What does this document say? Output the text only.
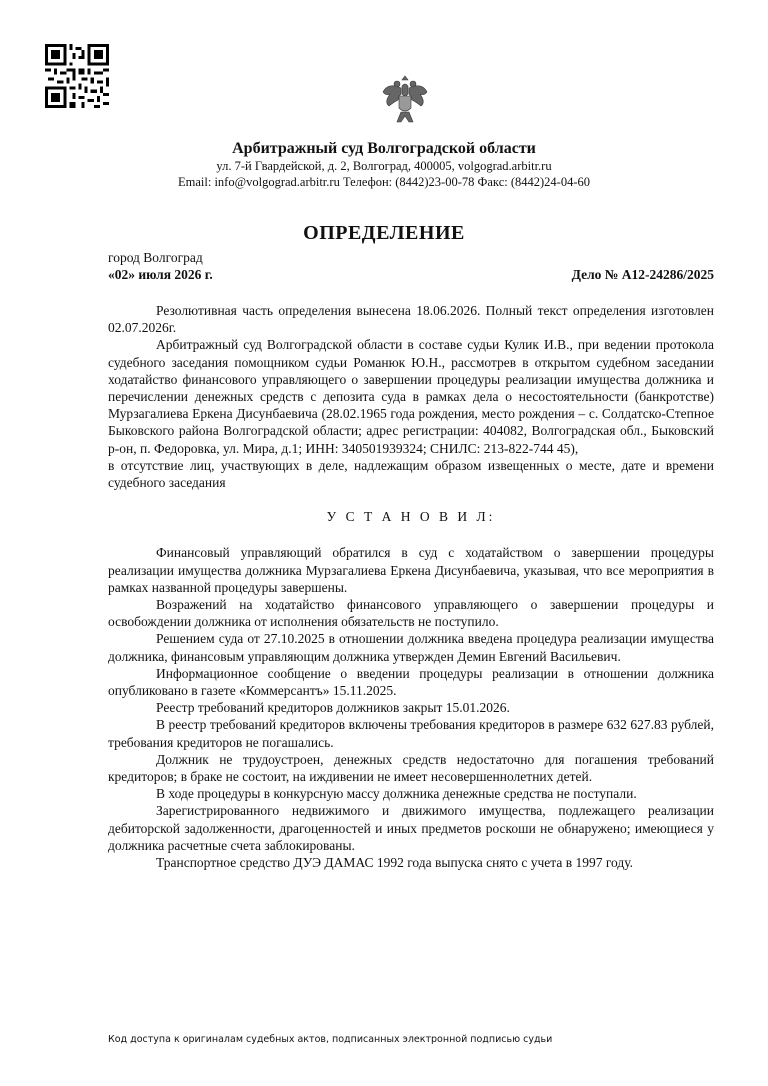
Арбитражный суд Волгоградской области
ул. 7-й Гвардейской, д. 2, Волгоград, 400005, volgograd.arbitr.ru
Email: info@volgograd.arbitr.ru Телефон: (8442)23-00-78 Факс: (8442)24-04-60
ОПРЕДЕЛЕНИЕ
город Волгоград
«02» июля 2026 г.	Дело № А12-24286/2025

Резолютивная часть определения вынесена 18.06.2026. Полный текст определения изготовлен 02.07.2026г.

Арбитражный суд Волгоградской области в составе судьи Кулик И.В., при ведении протокола судебного заседания помощником судьи Романюк Ю.Н., рассмотрев в открытом судебном заседании ходатайство финансового управляющего о завершении процедуры реализации имущества должника и перечислении денежных средств с депозита суда в рамках дела о несостоятельности (банкротстве) Мурзагалиева Еркена Дисунбаевича (28.02.1965 года рождения, место рождения – с. Солдатско-Степное Быковского района Волгоградской области; адрес регистрации: 404082, Волгоградская обл., Быковский р-он, п. Федоровка, ул. Мира, д.1; ИНН: 340501939324; СНИЛС: 213-822-744 45),

в отсутствие лиц, участвующих в деле, надлежащим образом извещенных о месте, дате и времени судебного заседания

У С Т А Н О В И Л:

Финансовый управляющий обратился в суд с ходатайством о завершении процедуры реализации имущества должника Мурзагалиева Еркена Дисунбаевича, указывая, что все мероприятия в рамках названной процедуры завершены.

Возражений на ходатайство финансового управляющего о завершении процедуры и освобождении должника от исполнения обязательств не поступило.

Решением суда от 27.10.2025 в отношении должника введена процедура реализации имущества должника, финансовым управляющим должника утвержден Демин Евгений Васильевич.

Информационное сообщение о введении процедуры реализации в отношении должника опубликовано в газете «Коммерсантъ» 15.11.2025.

Реестр требований кредиторов должников закрыт 15.01.2026.

В реестр требований кредиторов включены требования кредиторов в размере 632 627.83 рублей, требования кредиторов не погашались.

Должник не трудоустроен, денежных средств недостаточно для погашения требований кредиторов; в браке не состоит, на иждивении не имеет несовершеннолетних детей.

В ходе процедуры в конкурсную массу должника денежные средства не поступали.

Зарегистрированного недвижимого и движимого имущества, подлежащего реализации дебиторской задолженности, драгоценностей и иных предметов роскоши не обнаружено; имеющиеся у должника расчетные счета заблокированы.

Транспортное средство ДУЭ ДАМАС 1992 года выпуска снято с учета в 1997 году.

Код доступа к оригиналам судебных актов, подписанных электронной подписью судьи
